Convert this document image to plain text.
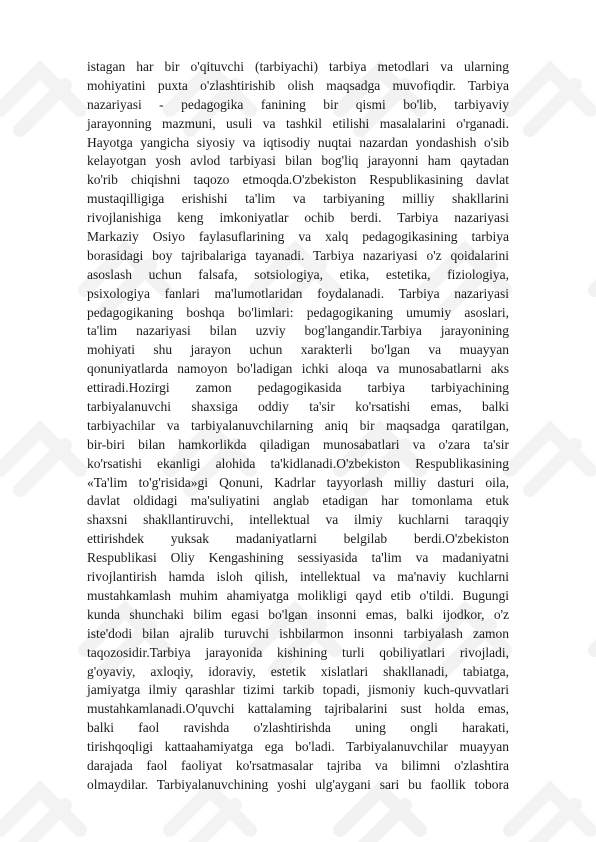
istagan har bir o'qituvchi (tarbiyachi) tarbiya metodlari va ularning
mohiyatini puxta o'zlashtirishib olish maqsadga muvofiqdir. Tarbiya
nazariyasi - pedagogika fanining bir qismi bo'lib, tarbiyaviy
jarayonning mazmuni, usuli va tashkil etilishi masalalarini o'rganadi.
Hayotga yangicha siyosiy va iqtisodiy nuqtai nazardan yondashish o'sib
kelayotgan yosh avlod tarbiyasi bilan bog'liq jarayonni ham qaytadan
ko'rib chiqishni taqozo etmoqda.O'zbekiston Respublikasining davlat
mustaqilligiga erishishi ta'lim va tarbiyaning milliy shakllarini
rivojlanishiga keng imkoniyatlar ochib berdi. Tarbiya nazariyasi
Markaziy Osiyo faylasuflarining va xalq pedagogikasining tarbiya
borasidagi boy tajribalariga tayanadi. Tarbiya nazariyasi o'z qoidalarini
asoslash uchun falsafa, sotsiologiya, etika, estetika, fiziologiya,
psixologiya fanlari ma'lumotlaridan foydalanadi. Tarbiya nazariyasi
pedagogikaning boshqa bo'limlari: pedagogikaning umumiy asoslari,
ta'lim nazariyasi bilan uzviy bog'langandir.Tarbiya jarayonining
mohiyati shu jarayon uchun xarakterli bo'lgan va muayyan
qonuniyatlarda namoyon bo'ladigan ichki aloqa va munosabatlarni aks
ettiradi.Hozirgi zamon pedagogikasida tarbiya tarbiyachining
tarbiyalanuvchi shaxsiga oddiy ta'sir ko'rsatishi emas, balki
tarbiyachilar va tarbiyalanuvchilarning aniq bir maqsadga qaratilgan,
bir-biri bilan hamkorlikda qiladigan munosabatlari va o'zara ta'sir
ko'rsatishi ekanligi alohida ta'kidlanadi.O'zbekiston Respublikasining
«Ta'lim to'g'risida»gi Qonuni, Kadrlar tayyorlash milliy dasturi oila,
davlat oldidagi ma'suliyatini anglab etadigan har tomonlama etuk
shaxsni shakllantiruvchi, intellektual va ilmiy kuchlarni taraqqiy
ettirishdek yuksak madaniyatlarni belgilab berdi.O'zbekiston
Respublikasi Oliy Kengashining sessiyasida ta'lim va madaniyatni
rivojlantirish hamda isloh qilish, intellektual va ma'naviy kuchlarni
mustahkamlash muhim ahamiyatga molikligi qayd etib o'tildi. Bugungi
kunda shunchaki bilim egasi bo'lgan insonni emas, balki ijodkor, o'z
iste'dodi bilan ajralib turuvchi ishbilarmon insonni tarbiyalash zamon
taqozosidir.Tarbiya jarayonida kishining turli qobiliyatlari rivojladi,
g'oyaviy, axloqiy, idoraviy, estetik xislatlari shakllanadi, tabiatga,
jamiyatga ilmiy qarashlar tizimi tarkib topadi, jismoniy kuch-quvvatlari
mustahkamlanadi.O'quvchi kattalaming tajribalarini sust holda emas,
balki faol ravishda o'zlashtirishda uning ongli harakati,
tirishqoqligi kattaahamiyatga ega bo'ladi. Tarbiyalanuvchilar muayyan
darajada faol faoliyat ko'rsatmasalar tajriba va bilimni o'zlashtira
olmaydilar. Tarbiyalanuvchining yoshi ulg'aygani sari bu faollik tobora
